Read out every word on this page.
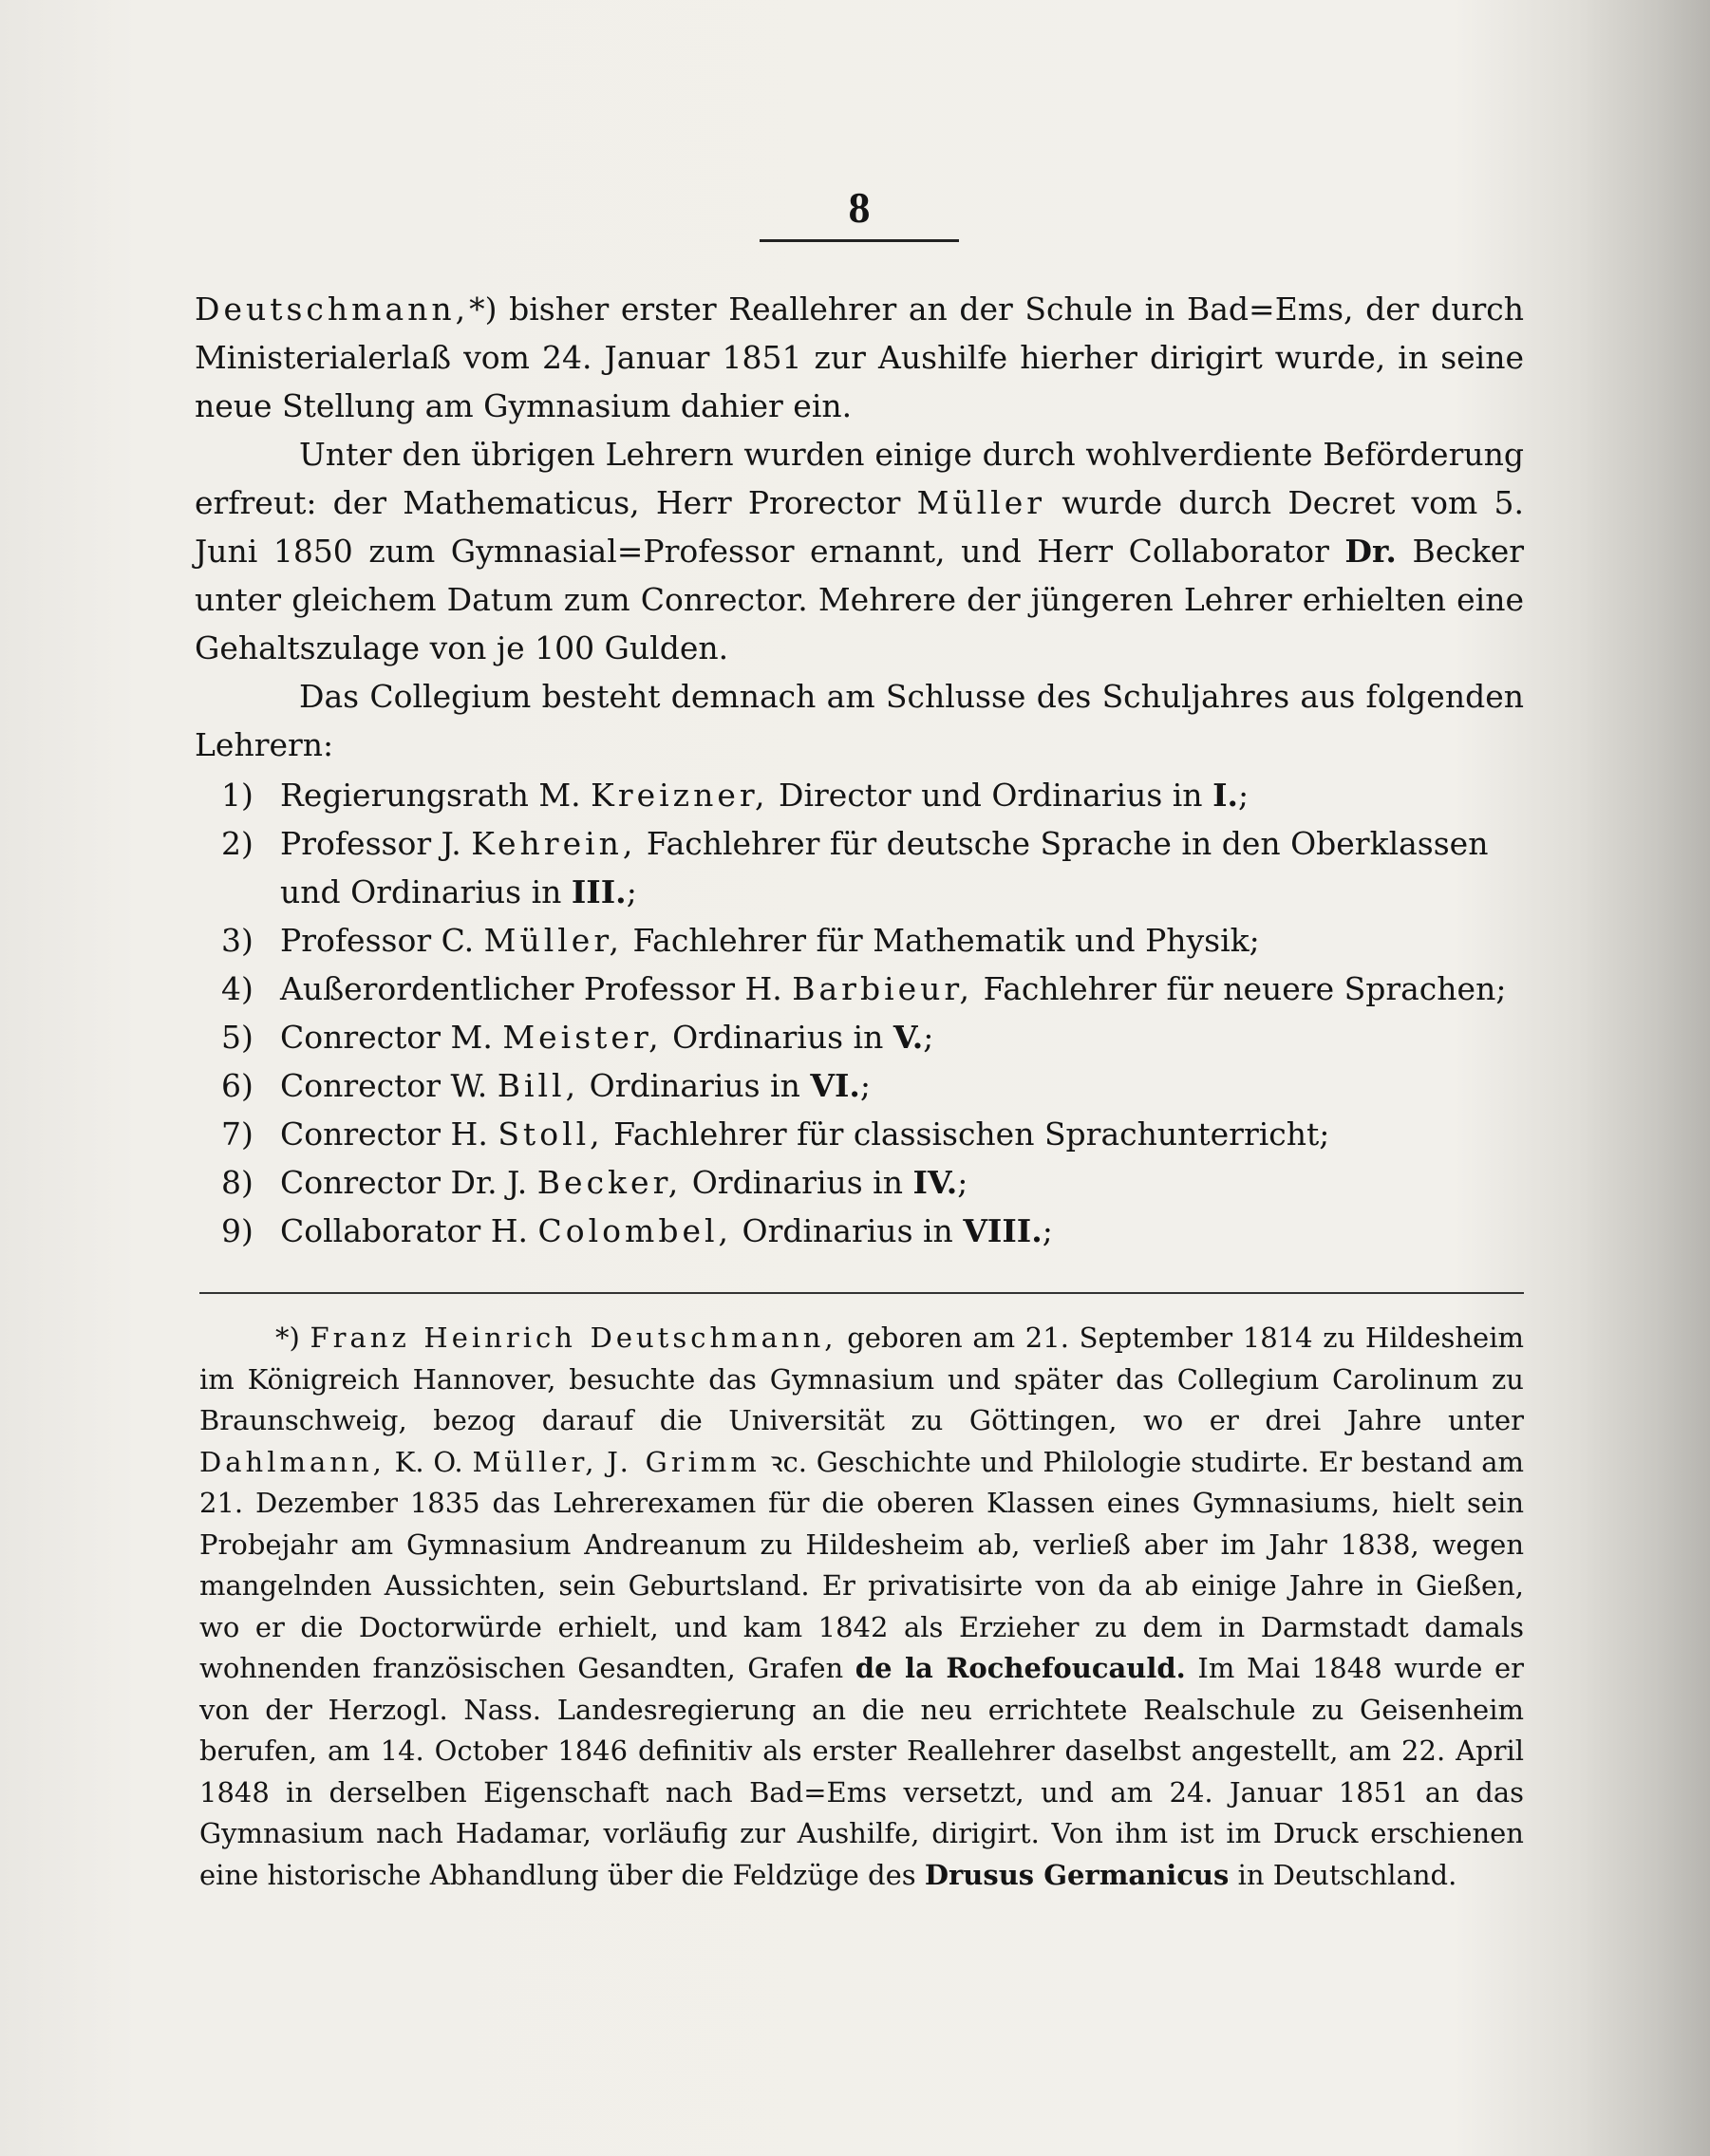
8

Deutschmann,*) bisher erster Reallehrer an der Schule in Bad=Ems, der durch Ministerialerlaß vom 24. Januar 1851 zur Aushilfe hierher dirigirt wurde, in seine neue Stellung am Gymnasium dahier ein.

Unter den übrigen Lehrern wurden einige durch wohlverdiente Beförderung erfreut: der Mathematicus, Herr Prorector Müller wurde durch Decret vom 5. Juni 1850 zum Gymnasial=Professor ernannt, und Herr Collaborator Dr. Becker unter gleichem Datum zum Conrector. Mehrere der jüngeren Lehrer erhielten eine Gehaltszulage von je 100 Gulden.

Das Collegium besteht demnach am Schlusse des Schuljahres aus folgenden Lehrern:

1) Regierungsrath M. Kreizner, Director und Ordinarius in I.;
2) Professor J. Kehrein, Fachlehrer für deutsche Sprache in den Oberklassen und Ordinarius in III.;
3) Professor C. Müller, Fachlehrer für Mathematik und Physik;
4) Außerordentlicher Professor H. Barbieur, Fachlehrer für neuere Sprachen;
5) Conrector M. Meister, Ordinarius in V.;
6) Conrector W. Bill, Ordinarius in VI.;
7) Conrector H. Stoll, Fachlehrer für classischen Sprachunterricht;
8) Conrector Dr. J. Becker, Ordinarius in IV.;
9) Collaborator H. Colombel, Ordinarius in VIII.;

*) Franz Heinrich Deutschmann, geboren am 21. September 1814 zu Hildesheim im Königreich Hannover, besuchte das Gymnasium und später das Collegium Carolinum zu Braunschweig, bezog darauf die Universität zu Göttingen, wo er drei Jahre unter Dahlmann, K. O. Müller, J. Grimm ꝛc. Geschichte und Philologie studirte. Er bestand am 21. Dezember 1835 das Lehrerexamen für die oberen Klassen eines Gymnasiums, hielt sein Probejahr am Gymnasium Andreanum zu Hildesheim ab, verließ aber im Jahr 1838, wegen mangelnden Aussichten, sein Geburtsland. Er privatisirte von da ab einige Jahre in Gießen, wo er die Doctorwürde erhielt, und kam 1842 als Erzieher zu dem in Darmstadt damals wohnenden französischen Gesandten, Grafen de la Rochefoucauld. Im Mai 1848 wurde er von der Herzogl. Nass. Landesregierung an die neu errichtete Realschule zu Geisenheim berufen, am 14. October 1846 definitiv als erster Reallehrer daselbst angestellt, am 22. April 1848 in derselben Eigenschaft nach Bad=Ems versetzt, und am 24. Januar 1851 an das Gymnasium nach Hadamar, vorläufig zur Aushilfe, dirigirt. Von ihm ist im Druck erschienen eine historische Abhandlung über die Feldzüge des Drusus Germanicus in Deutschland.
